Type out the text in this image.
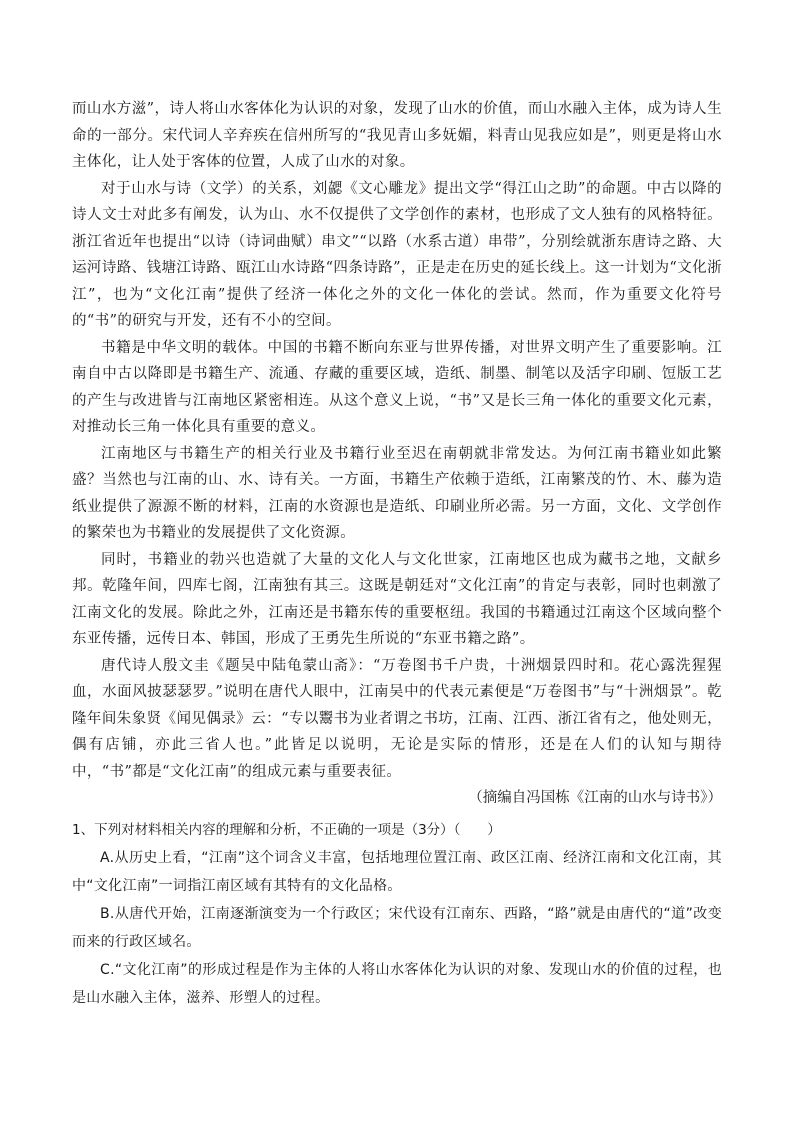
而山水方滋”，诗人将山水客体化为认识的对象，发现了山水的价值，而山水融入主体，成为诗人生命的一部分。宋代词人辛弃疾在信州所写的“我见青山多妩媚，料青山见我应如是”，则更是将山水主体化，让人处于客体的位置，人成了山水的对象。

对于山水与诗（文学）的关系，刘勰《文心雕龙》提出文学“得江山之助”的命题。中古以降的诗人文士对此多有阐发，认为山、水不仅提供了文学创作的素材，也形成了文人独有的风格特征。浙江省近年也提出“以诗（诗词曲赋）串文”“以路（水系古道）串带”，分别绘就浙东唐诗之路、大运河诗路、钱塘江诗路、瓯江山水诗路“四条诗路”，正是走在历史的延长线上。这一计划为“文化浙江”，也为“文化江南”提供了经济一体化之外的文化一体化的尝试。然而，作为重要文化符号的“书”的研究与开发，还有不小的空间。

书籍是中华文明的载体。中国的书籍不断向东亚与世界传播，对世界文明产生了重要影响。江南自中古以降即是书籍生产、流通、存藏的重要区域，造纸、制墨、制笔以及活字印刷、饾版工艺的产生与改进皆与江南地区紧密相连。从这个意义上说，“书”又是长三角一体化的重要文化元素，对推动长三角一体化具有重要的意义。

江南地区与书籍生产的相关行业及书籍行业至迟在南朝就非常发达。为何江南书籍业如此繁盛？当然也与江南的山、水、诗有关。一方面，书籍生产依赖于造纸，江南繁茂的竹、木、藤为造纸业提供了源源不断的材料，江南的水资源也是造纸、印刷业所必需。另一方面，文化、文学创作的繁荣也为书籍业的发展提供了文化资源。

同时，书籍业的勃兴也造就了大量的文化人与文化世家，江南地区也成为藏书之地，文献乡邦。乾隆年间，四库七阁，江南独有其三。这既是朝廷对“文化江南”的肯定与表彰，同时也刺激了江南文化的发展。除此之外，江南还是书籍东传的重要枢纽。我国的书籍通过江南这个区域向整个东亚传播，远传日本、韩国，形成了王勇先生所说的“东亚书籍之路”。

唐代诗人殷文圭《题吴中陆龟蒙山斋》：“万卷图书千户贵，十洲烟景四时和。花心露洗猩猩血，水面风披瑟瑟罗。”说明在唐代人眼中，江南吴中的代表元素便是“万卷图书”与“十洲烟景”。乾隆年间朱象贤《闻见偶录》云：“专以鬻书为业者谓之书坊，江南、江西、浙江省有之，他处则无，偶有店铺，亦此三省人也。”此皆足以说明，无论是实际的情形，还是在人们的认知与期待中，“书”都是“文化江南”的组成元素与重要表征。

（摘编自冯国栋《江南的山水与诗书》）

1、下列对材料相关内容的理解和分析，不正确的一项是（3分）（　　）

A.从历史上看，“江南”这个词含义丰富，包括地理位置江南、政区江南、经济江南和文化江南，其中“文化江南”一词指江南区域有其特有的文化品格。

B.从唐代开始，江南逐渐演变为一个行政区；宋代设有江南东、西路，“路”就是由唐代的“道”改变而来的行政区域名。

C.“文化江南”的形成过程是作为主体的人将山水客体化为认识的对象、发现山水的价值的过程，也是山水融入主体，滋养、形塑人的过程。
